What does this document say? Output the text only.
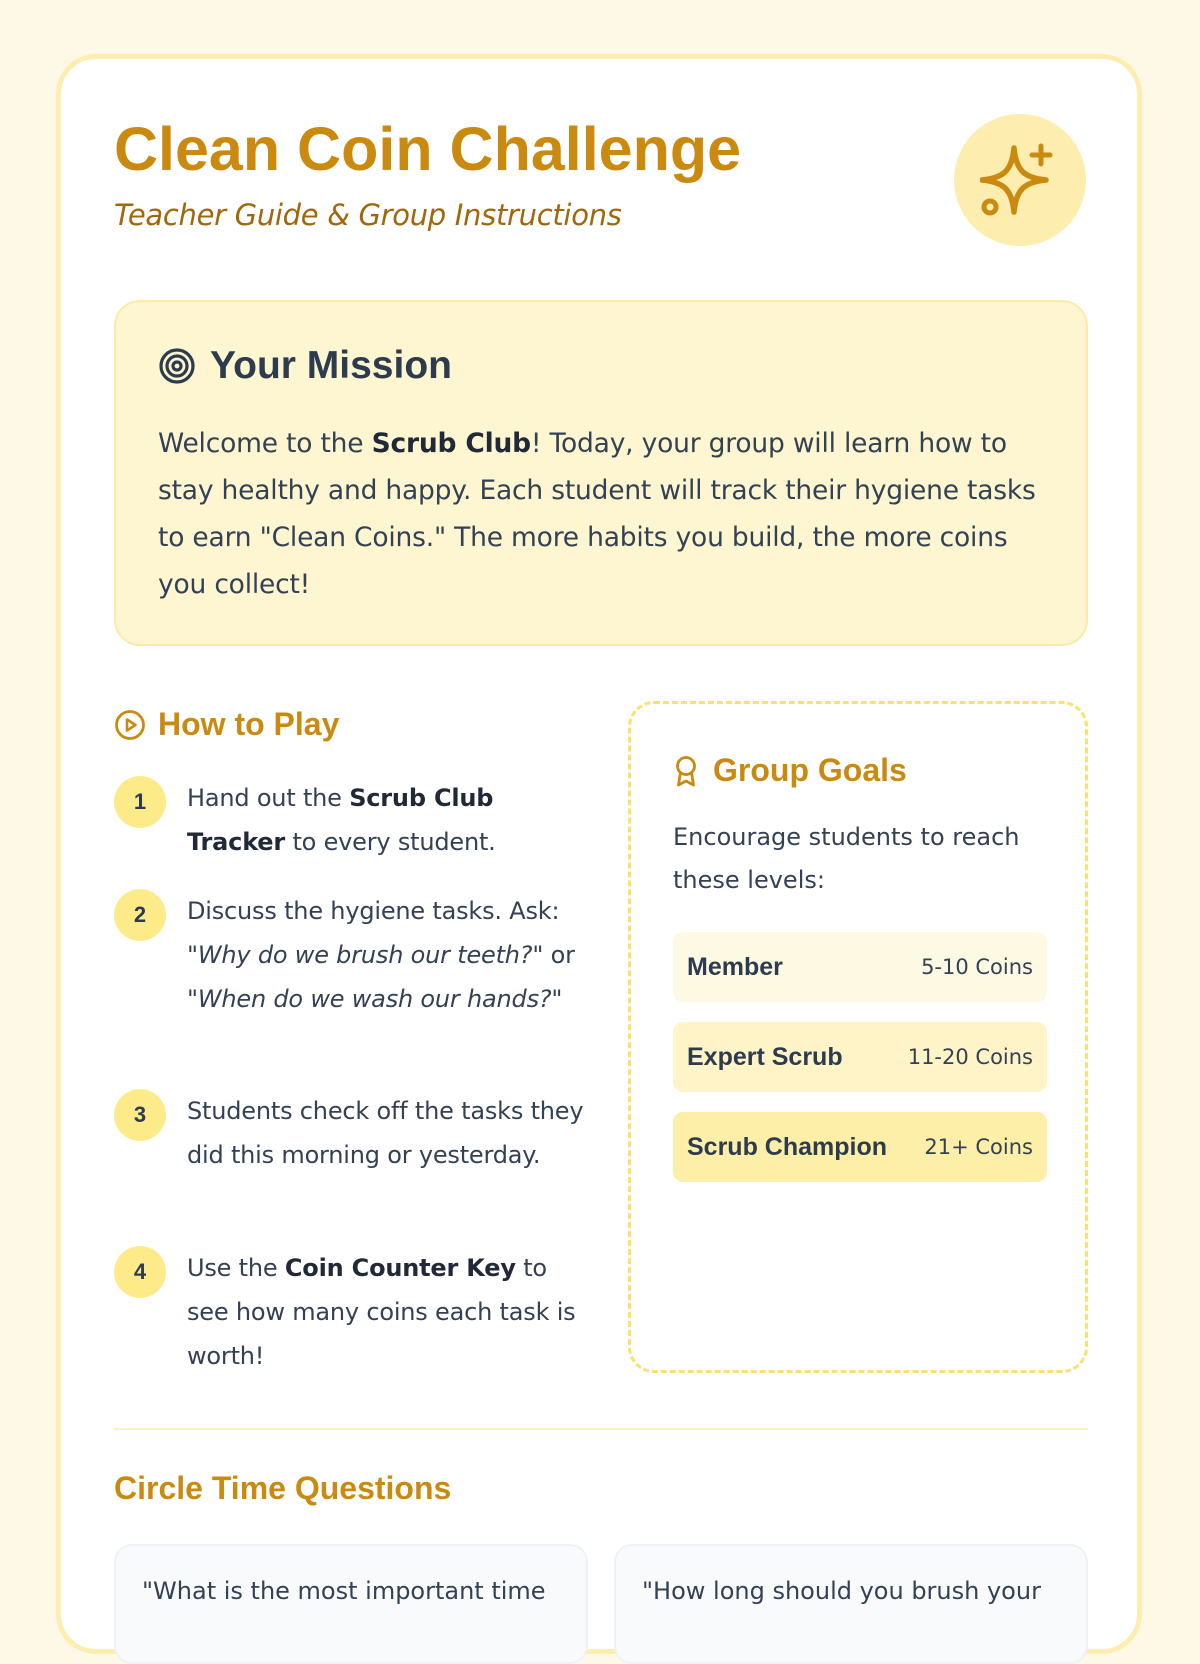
Clean Coin Challenge
Teacher Guide & Group Instructions
Your Mission

Welcome to the Scrub Club! Today, your group will learn how to stay healthy and happy. Each student will track their hygiene tasks to earn "Clean Coins." The more habits you build, the more coins you collect!

How to Play
1	Hand out the Scrub Club Tracker to every student.
2	Discuss the hygiene tasks. Ask: "Why do we brush our teeth?" or "When do we wash our hands?"
3	Students check off the tasks they did this morning or yesterday.
4	Use the Coin Counter Key to see how many coins each task is worth!
Group Goals

Encourage students to reach these levels:

Member	5-10 Coins
Expert Scrub	11-20 Coins
Scrub Champion 21+ Coins
Circle Time Questions
"What is the most important time	"How long should you brush your
